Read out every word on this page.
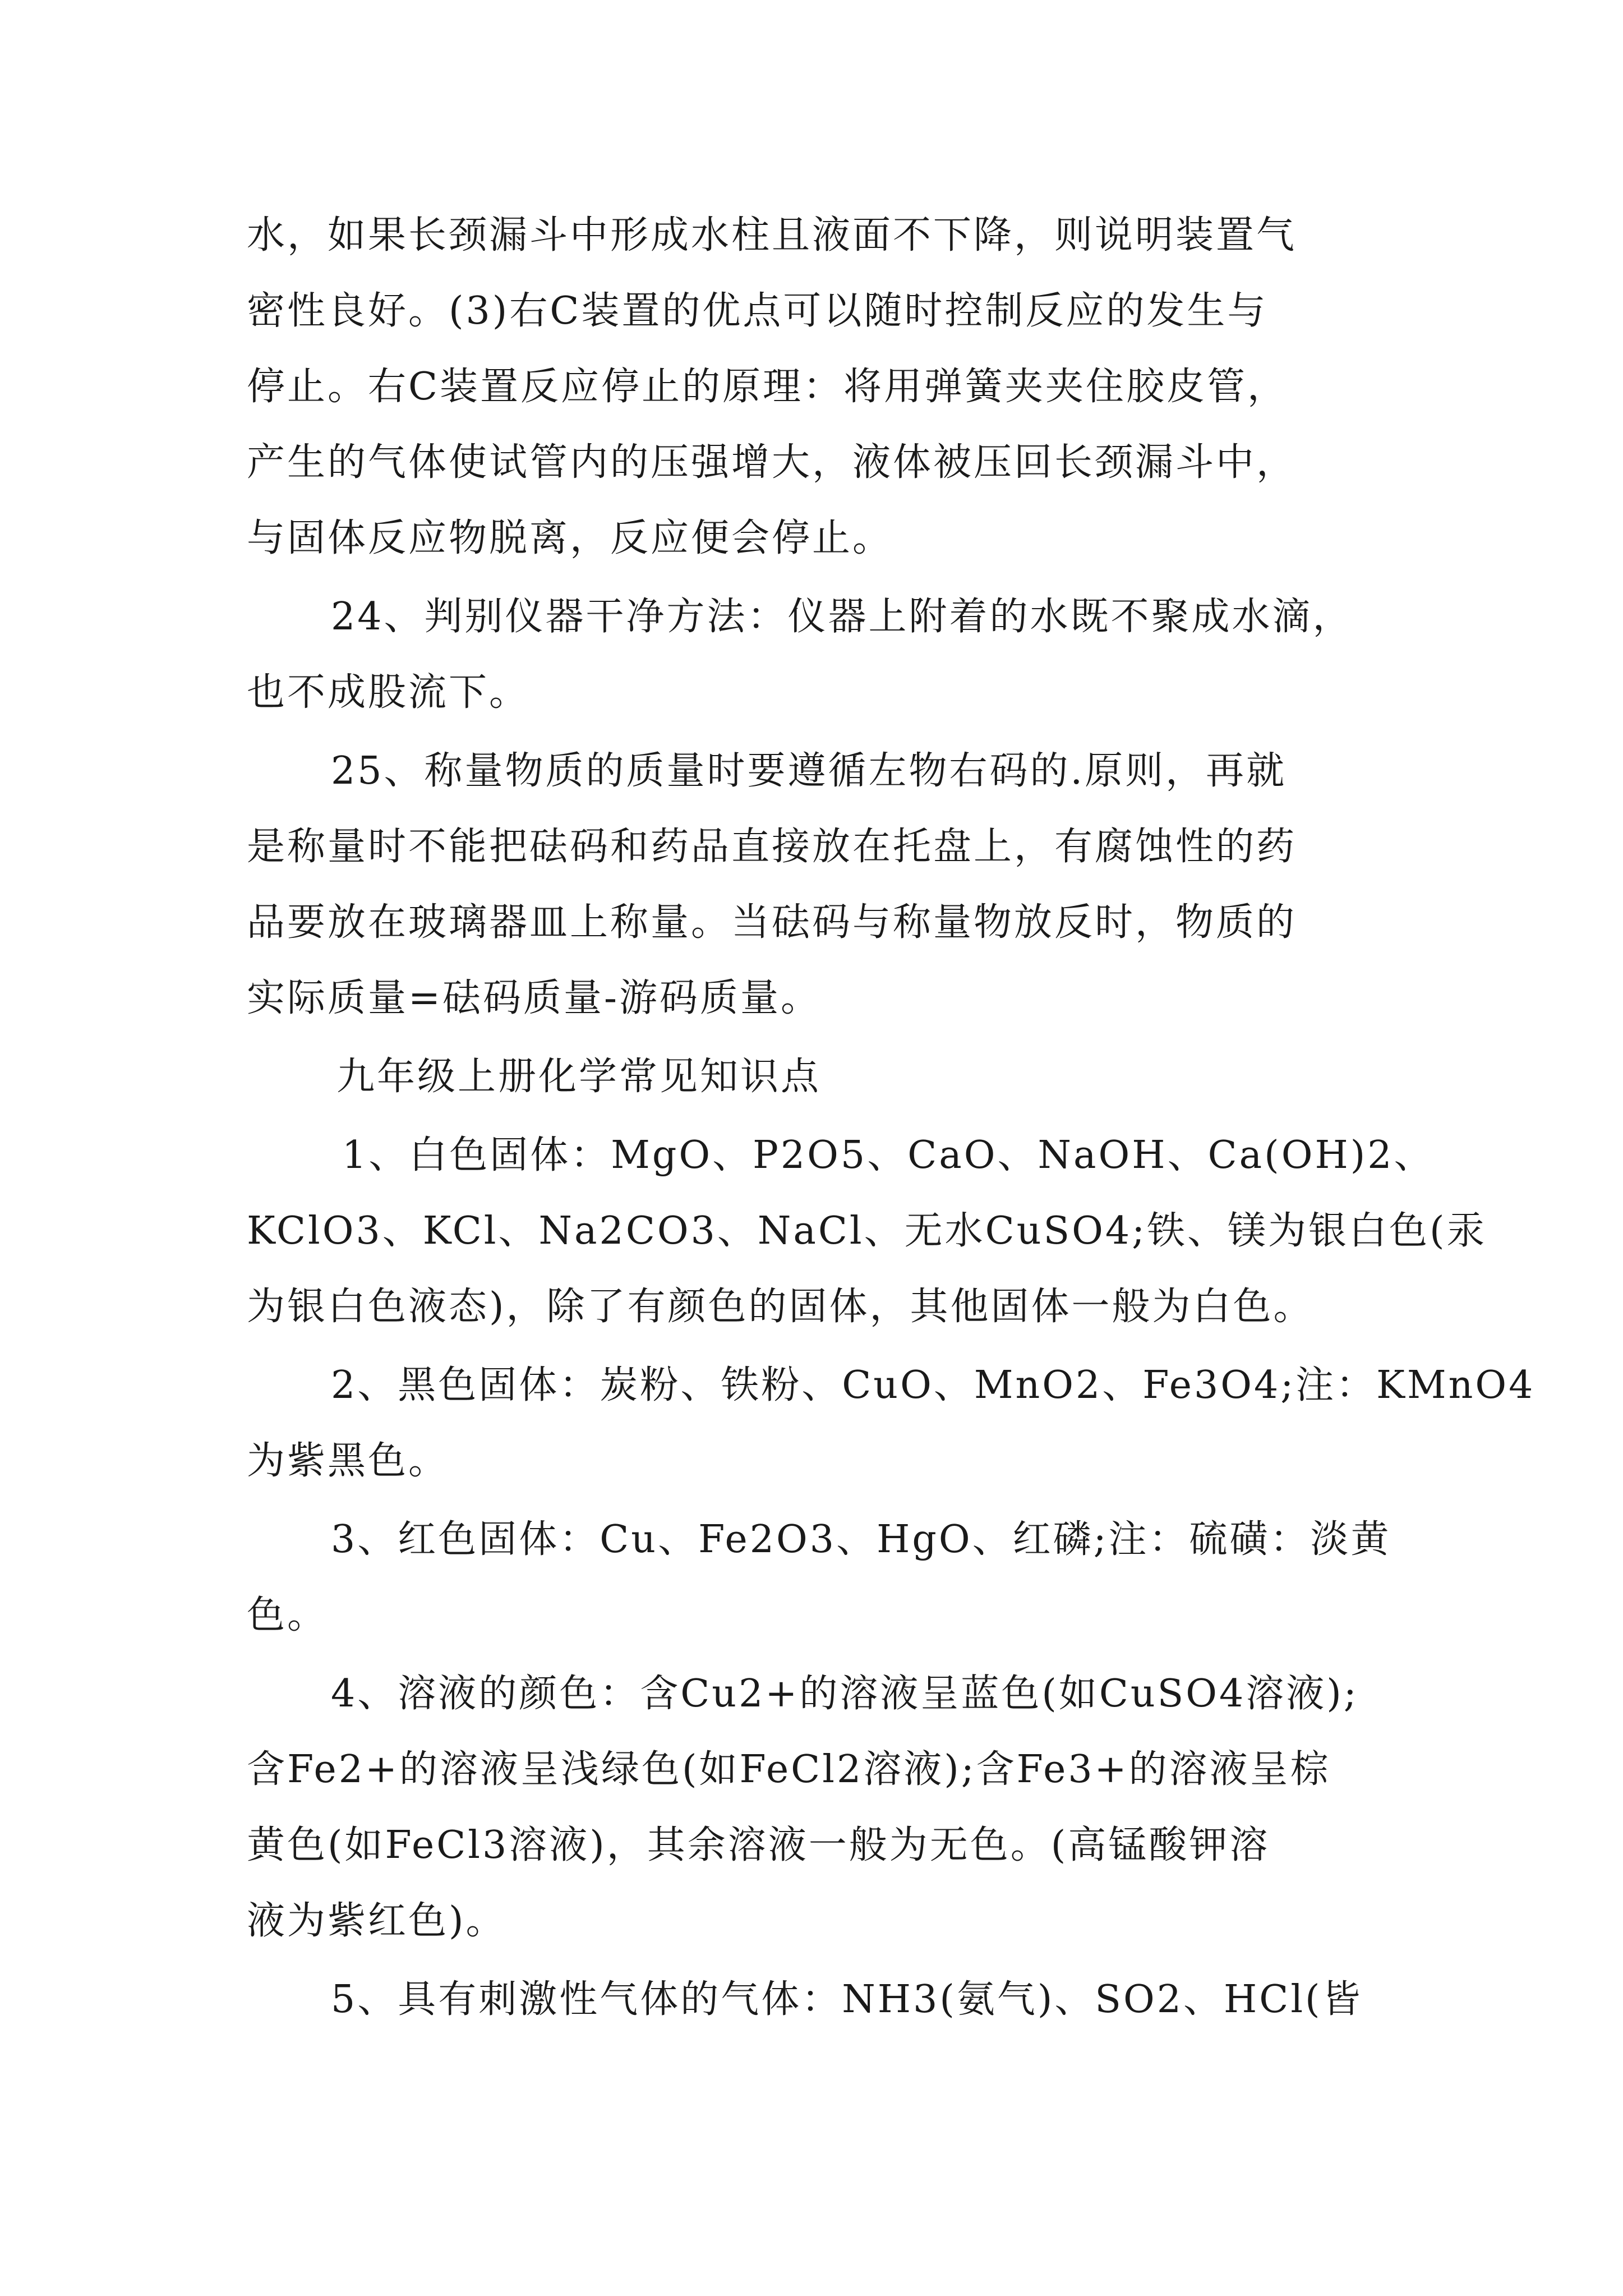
水，如果长颈漏斗中形成水柱且液面不下降，则说明装置气
密性良好。(3)右C装置的优点可以随时控制反应的发生与
停止。右C装置反应停止的原理：将用弹簧夹夹住胶皮管，
产生的气体使试管内的压强增大，液体被压回长颈漏斗中，
与固体反应物脱离，反应便会停止。
24、判别仪器干净方法：仪器上附着的水既不聚成水滴，
也不成股流下。
25、称量物质的质量时要遵循左物右码的.原则，再就
是称量时不能把砝码和药品直接放在托盘上，有腐蚀性的药
品要放在玻璃器皿上称量。当砝码与称量物放反时，物质的
实际质量=砝码质量-游码质量。
九年级上册化学常见知识点
1、白色固体：MgO、P2O5、CaO、NaOH、Ca(OH)2、
KClO3、KCl、Na2CO3、NaCl、无水CuSO4;铁、镁为银白色(汞
为银白色液态)，除了有颜色的固体，其他固体一般为白色。
2、黑色固体：炭粉、铁粉、CuO、MnO2、Fe3O4;注：KMnO4
为紫黑色。
3、红色固体：Cu、Fe2O3、HgO、红磷;注：硫磺：淡黄
色。
4、溶液的颜色：含Cu2+的溶液呈蓝色(如CuSO4溶液);
含Fe2+的溶液呈浅绿色(如FeCl2溶液);含Fe3+的溶液呈棕
黄色(如FeCl3溶液)，其余溶液一般为无色。(高锰酸钾溶
液为紫红色)。
5、具有刺激性气体的气体：NH3(氨气)、SO2、HCl(皆
